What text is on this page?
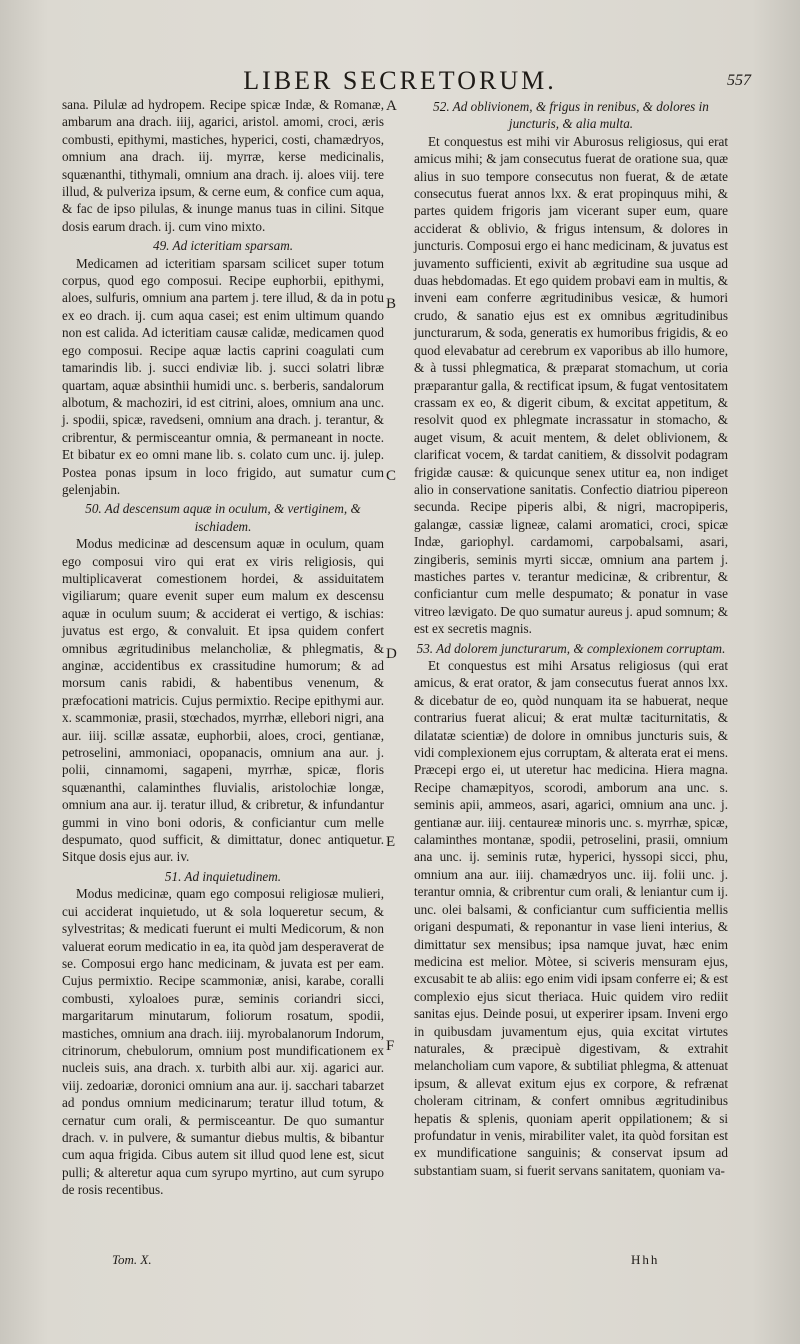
LIBER SECRETORUM.	557

sana. Pilulæ ad hydropem. Recipe spicæ Indæ, & Romanæ, ambarum ana drach. iiij, agarici, aristol. amomi, croci, æris combusti, epithymi, mastiches, hyperici, costi, chamædryos, omnium ana drach. iij. myrræ, kerse medicinalis, squænanthi, tithymali, omnium ana drach. ij. aloes viij. tere illud, & pulveriza ipsum, & cerne eum, & confice cum aqua, & fac de ipso pilulas, & inunge manus tuas in cilini. Sitque dosis earum drach. ij. cum vino mixto.

49. Ad icteritiam sparsam.

Medicamen ad icteritiam sparsam scilicet super totum corpus, quod ego composui. Recipe euphorbii, epithymi, aloes, sulfuris, omnium ana partem j. tere illud, & da in potu ex eo drach. ij. cum aqua casei; est enim ultimum quando non est calida. Ad icteritiam causæ calidæ, medicamen quod ego composui. Recipe aquæ lactis caprini coagulati cum tamarindis lib. j. succi endiviæ lib. j. succi solatri libræ quartam, aquæ absinthii humidi unc. s. berberis, sandalorum albotum, & machoziri, id est citrini, aloes, omnium ana unc. j. spodii, spicæ, ravedseni, omnium ana drach. j. terantur, & cribrentur, & permisceantur omnia, & permaneant in nocte. Et bibatur ex eo omni mane lib. s. colato cum unc. ij. julep. Postea ponas ipsum in loco frigido, aut sumatur cum gelenjabin.

50. Ad descensum aquæ in oculum, & vertiginem, & ischiadem.

Modus medicinæ ad descensum aquæ in oculum, quam ego composui viro qui erat ex viris religiosis, qui multiplicaverat comestionem hordei, & assiduitatem vigiliarum; quare evenit super eum malum ex descensu aquæ in oculum suum; & acciderat ei vertigo, & ischias: juvatus est ergo, & convaluit. Et ipsa quidem confert omnibus ægritudinibus melancholiæ, & phlegmatis, & anginæ, accidentibus ex crassitudine humorum; & ad morsum canis rabidi, & habentibus venenum, & præfocationi matricis. Cujus permixtio. Recipe epithymi aur. x. scammoniæ, prasii, stœchados, myrrhæ, ellebori nigri, ana aur. iiij. scillæ assatæ, euphorbii, aloes, croci, gentianæ, petroselini, ammoniaci, opopanacis, omnium ana aur. j. polii, cinnamomi, sagapeni, myrrhæ, spicæ, floris squænanthi, calaminthes fluvialis, aristolochiæ longæ, omnium ana aur. ij. teratur illud, & cribretur, & infundantur gummi in vino boni odoris, & conficiantur cum melle despumato, quod sufficit, & dimittatur, donec antiquetur. Sitque dosis ejus aur. iv.

51. Ad inquietudinem.

Modus medicinæ, quam ego composui religiosæ mulieri, cui acciderat inquietudo, ut & sola loqueretur secum, & sylvestritas; & medicati fuerunt ei multi Medicorum, & non valuerat eorum medicatio in ea, ita quòd jam desperaverat de se. Composui ergo hanc medicinam, & juvata est per eam. Cujus permixtio. Recipe scammoniæ, anisi, karabe, coralli combusti, xyloaloes puræ, seminis coriandri sicci, margaritarum minutarum, foliorum rosatum, spodii, mastiches, omnium ana drach. iiij. myrobalanorum Indorum, citrinorum, chebulorum, omnium post mundificationem ex nucleis suis, ana drach. x. turbith albi aur. xij. agarici aur. viij. zedoariæ, doronici omnium ana aur. ij. sacchari tabarzet ad pondus omnium medicinarum; teratur illud totum, & cernatur cum orali, & permisceantur. De quo sumantur drach. v. in pulvere, & sumantur diebus multis, & bibantur cum aqua frigida. Cibus autem sit illud quod lene est, sicut pulli; & alteretur aqua cum syrupo myrtino, aut cum syrupo de rosis recentibus.

52. Ad oblivionem, & frigus in renibus, & dolores in juncturis, & alia multa.

Et conquestus est mihi vir Aburosus religiosus, qui erat amicus mihi; & jam consecutus fuerat de oratione sua, quæ alius in suo tempore consecutus non fuerat, & de ætate consecutus fuerat annos lxx. & erat propinquus mihi, & partes quidem frigoris jam vicerant super eum, quare acciderat & oblivio, & frigus intensum, & dolores in juncturis. Composui ergo ei hanc medicinam, & juvatus est juvamento sufficienti, exivit ab ægritudine sua usque ad duas hebdomadas. Et ego quidem probavi eam in multis, & inveni eam conferre ægritudinibus vesicæ, & humori crudo, & sanatio ejus est ex omnibus ægritudinibus juncturarum, & soda, generatis ex humoribus frigidis, & eo quod elevabatur ad cerebrum ex vaporibus ab illo humore, & à tussi phlegmatica, & præparat stomachum, ut coria præparantur galla, & rectificat ipsum, & fugat ventositatem crassam ex eo, & digerit cibum, & excitat appetitum, & resolvit quod ex phlegmate incrassatur in stomacho, & auget visum, & acuit mentem, & delet oblivionem, & clarificat vocem, & tardat canitiem, & dissolvit podagram frigidæ causæ: & quicunque senex utitur ea, non indiget alio in conservatione sanitatis. Confectio diatriou pipereon secunda. Recipe piperis albi, & nigri, macropiperis, galangæ, cassiæ ligneæ, calami aromatici, croci, spicæ Indæ, gariophyl. cardamomi, carpobalsami, asari, zingiberis, seminis myrti siccæ, omnium ana partem j. mastiches partes v. terantur medicinæ, & cribrentur, & conficiantur cum melle despumato; & ponatur in vase vitreo lævigato. De quo sumatur aureus j. apud somnum; & est ex secretis magnis.

53. Ad dolorem juncturarum, & complexionem corruptam.

Et conquestus est mihi Arsatus religiosus (qui erat amicus, & erat orator, & jam consecutus fuerat annos lxx. & dicebatur de eo, quòd nunquam ita se habuerat, neque contrarius fuerat alicui; & erat multæ taciturnitatis, & dilatatæ scientiæ) de dolore in omnibus juncturis suis, & vidi complexionem ejus corruptam, & alterata erat ei mens. Præcepi ergo ei, ut uteretur hac medicina. Hiera magna. Recipe chamæpityos, scorodi, amborum ana unc. s. seminis apii, ammeos, asari, agarici, omnium ana unc. j. gentianæ aur. iiij. centaureæ minoris unc. s. myrrhæ, spicæ, calaminthes montanæ, spodii, petroselini, prasii, omnium ana unc. ij. seminis rutæ, hyperici, hyssopi sicci, phu, omnium ana aur. iiij. chamædryos unc. iij. folii unc. j. terantur omnia, & cribrentur cum orali, & leniantur cum ij. unc. olei balsami, & conficiantur cum sufficientia mellis origani despumati, & reponantur in vase lieni interius, & dimittatur sex mensibus; ipsa namque juvat, hæc enim medicina est melior. Mòtee, si sciveris mensuram ejus, excusabit te ab aliis: ego enim vidi ipsam conferre ei; & est complexio ejus sicut theriaca. Huic quidem viro rediit sanitas ejus. Deinde posui, ut experirer ipsam. Inveni ergo in quibusdam juvamentum ejus, quia excitat virtutes naturales, & præcipuè digestivam, & extrahit melancholiam cum vapore, & subtiliat phlegma, & attenuat ipsum, & allevat exitum ejus ex corpore, & refrænat choleram citrinam, & confert omnibus ægritudinibus hepatis & splenis, quoniam aperit oppilationem; & si profundatur in venis, mirabiliter valet, ita quòd forsitan est ex mundificatione sanguinis; & conservat ipsum ad substantiam suam, si fuerit servans sanitatem, quoniam va-

A
B
C
D
E
F
Tom. X.	Hhh
